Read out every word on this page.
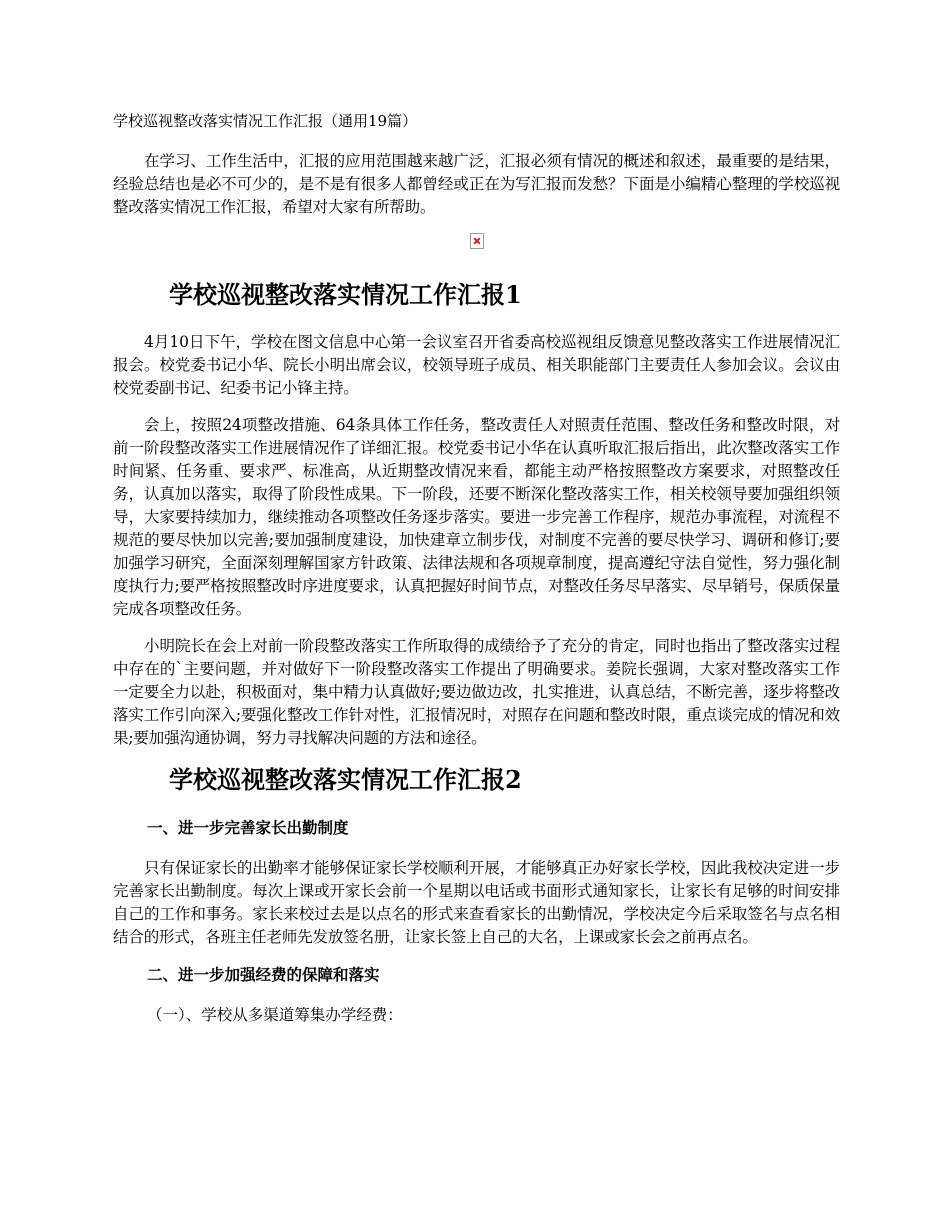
学校巡视整改落实情况工作汇报（通用19篇）

在学习、工作生活中，汇报的应用范围越来越广泛，汇报必须有情况的概述和叙述，最重要的是结果，经验总结也是必不可少的，是不是有很多人都曾经或正在为写汇报而发愁？下面是小编精心整理的学校巡视整改落实情况工作汇报，希望对大家有所帮助。

学校巡视整改落实情况工作汇报1

4月10日下午，学校在图文信息中心第一会议室召开省委高校巡视组反馈意见整改落实工作进展情况汇报会。校党委书记小华、院长小明出席会议，校领导班子成员、相关职能部门主要责任人参加会议。会议由校党委副书记、纪委书记小锋主持。

会上，按照24项整改措施、64条具体工作任务，整改责任人对照责任范围、整改任务和整改时限，对前一阶段整改落实工作进展情况作了详细汇报。校党委书记小华在认真听取汇报后指出，此次整改落实工作时间紧、任务重、要求严、标准高，从近期整改情况来看，都能主动严格按照整改方案要求，对照整改任务，认真加以落实，取得了阶段性成果。下一阶段，还要不断深化整改落实工作，相关校领导要加强组织领导，大家要持续加力，继续推动各项整改任务逐步落实。要进一步完善工作程序，规范办事流程，对流程不规范的要尽快加以完善;要加强制度建设，加快建章立制步伐，对制度不完善的要尽快学习、调研和修订;要加强学习研究，全面深刻理解国家方针政策、法律法规和各项规章制度，提高遵纪守法自觉性，努力强化制度执行力;要严格按照整改时序进度要求，认真把握好时间节点，对整改任务尽早落实、尽早销号，保质保量完成各项整改任务。

小明院长在会上对前一阶段整改落实工作所取得的成绩给予了充分的肯定，同时也指出了整改落实过程中存在的`主要问题，并对做好下一阶段整改落实工作提出了明确要求。姜院长强调，大家对整改落实工作一定要全力以赴，积极面对，集中精力认真做好;要边做边改，扎实推进，认真总结，不断完善，逐步将整改落实工作引向深入;要强化整改工作针对性，汇报情况时，对照存在问题和整改时限，重点谈完成的情况和效果;要加强沟通协调，努力寻找解决问题的方法和途径。

学校巡视整改落实情况工作汇报2

一、进一步完善家长出勤制度

只有保证家长的出勤率才能够保证家长学校顺利开展，才能够真正办好家长学校，因此我校决定进一步完善家长出勤制度。每次上课或开家长会前一个星期以电话或书面形式通知家长，让家长有足够的时间安排自己的工作和事务。家长来校过去是以点名的形式来查看家长的出勤情况，学校决定今后采取签名与点名相结合的形式，各班主任老师先发放签名册，让家长签上自己的大名，上课或家长会之前再点名。

二、进一步加强经费的保障和落实

（一）、学校从多渠道筹集办学经费：
